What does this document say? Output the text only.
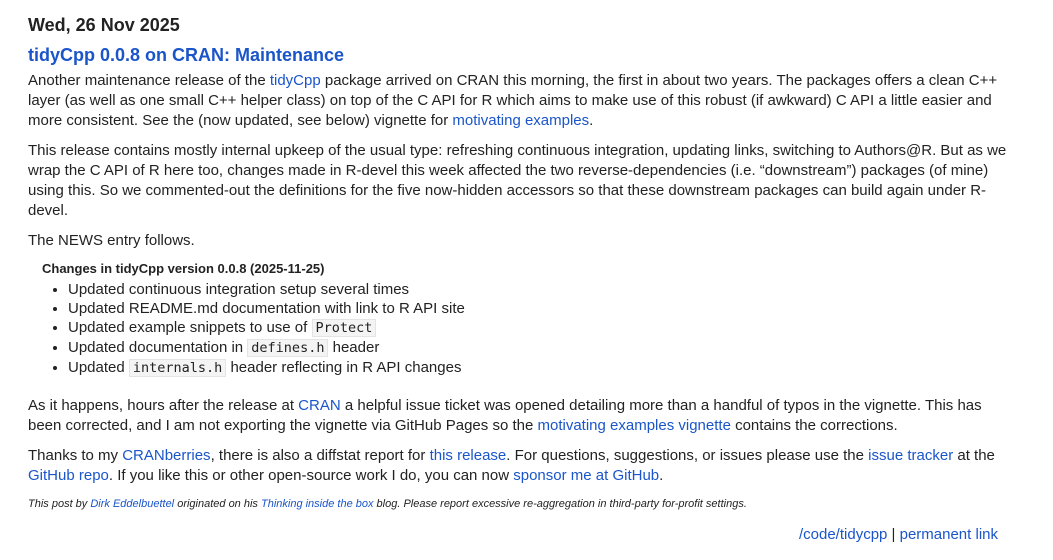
Wed, 26 Nov 2025
tidyCpp 0.0.8 on CRAN: Maintenance

Another maintenance release of the tidyCpp package arrived on CRAN this morning, the first in about two years. The packages offers a clean C++ layer (as well as one small C++ helper class) on top of the C API for R which aims to make use of this robust (if awkward) C API a little easier and more consistent. See the (now updated, see below) vignette for motivating examples.

This release contains mostly internal upkeep of the usual type: refreshing continuous integration, updating links, switching to Authors@R. But as we wrap the C API of R here too, changes made in R-devel this week affected the two reverse-dependencies (i.e. “downstream”) packages (of mine) using this. So we commented-out the definitions for the five now-hidden accessors so that these downstream packages can build again under R-devel.

The NEWS entry follows.

Changes in tidyCpp version 0.0.8 (2025-11-25)

• Updated continuous integration setup several times
• Updated README.md documentation with link to R API site
• Updated example snippets to use of Protect
• Updated documentation in defines.h header
• Updated internals.h header reflecting in R API changes

As it happens, hours after the release at CRAN a helpful issue ticket was opened detailing more than a handful of typos in the vignette. This has been corrected, and I am not exporting the vignette via GitHub Pages so the motivating examples vignette contains the corrections.

Thanks to my CRANberries, there is also a diffstat report for this release. For questions, suggestions, or issues please use the issue tracker at the GitHub repo. If you like this or other open-source work I do, you can now sponsor me at GitHub.

This post by Dirk Eddelbuettel originated on his Thinking inside the box blog. Please report excessive re-aggregation in third-party for-profit settings.

/code/tidycpp | permanent link
